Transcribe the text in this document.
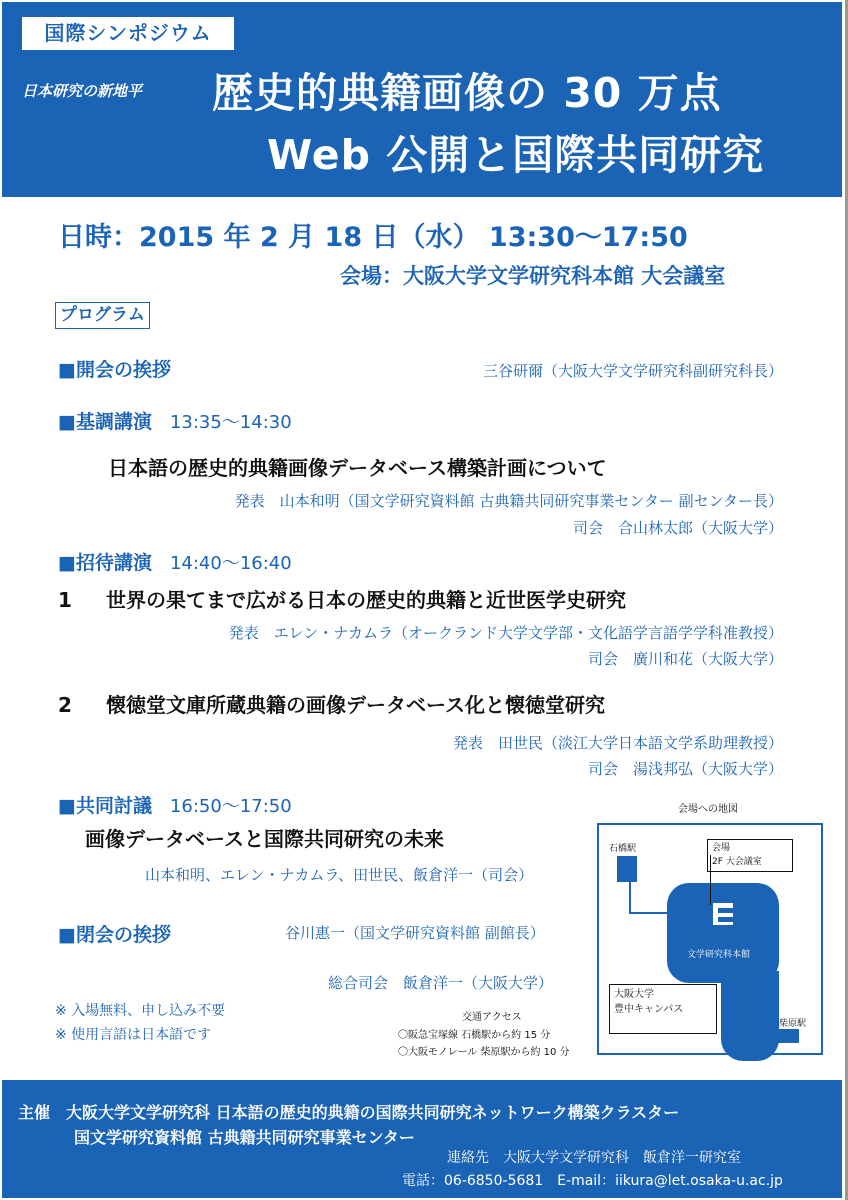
国際シンポジウム
日本研究の新地平 歴史的典籍画像の 30 万点
Web 公開と国際共同研究
日時：2015 年 2 月 18 日（水） 13:30～17:50
会場：大阪大学文学研究科本館 大会議室
プログラム
■開会の挨拶	三谷研爾（大阪大学文学研究科副研究科長）
■基調講演 13:35～14:30
日本語の歴史的典籍画像データベース構築計画について
発表　山本和明（国文学研究資料館 古典籍共同研究事業センター 副センター長）
司会　合山林太郎（大阪大学）
■招待講演 14:40～16:40
1 世界の果てまで広がる日本の歴史的典籍と近世医学史研究
発表　エレン・ナカムラ（オークランド大学文学部・文化語学言語学学科准教授）
司会　廣川和花（大阪大学）
2 懐徳堂文庫所蔵典籍の画像データベース化と懐徳堂研究
発表　田世民（淡江大学日本語文学系助理教授）
司会　湯浅邦弘（大阪大学）
■共同討議 16:50～17:50
画像データベースと国際共同研究の未来
山本和明、エレン・ナカムラ、田世民、飯倉洋一（司会）
■閉会の挨拶	谷川惠一（国文学研究資料館 副館長）
総合司会　飯倉洋一（大阪大学）
※ 入場無料、申し込み不要
※ 使用言語は日本語です
交通アクセス
〇阪急宝塚線 石橋駅から約 15 分
〇大阪モノレール 柴原駅から約 10 分
会場への地図
石橋駅	会場
2F 大会議室
文学研究科本館
大阪大学
豊中キャンパス
柴原駅
主催　大阪大学文学研究科 日本語の歴史的典籍の国際共同研究ネットワーク構築クラスター
国文学研究資料館 古典籍共同研究事業センター
連絡先　大阪大学文学研究科　飯倉洋一研究室
電話：06-6850-5681　E-mail：iikura@let.osaka-u.ac.jp
